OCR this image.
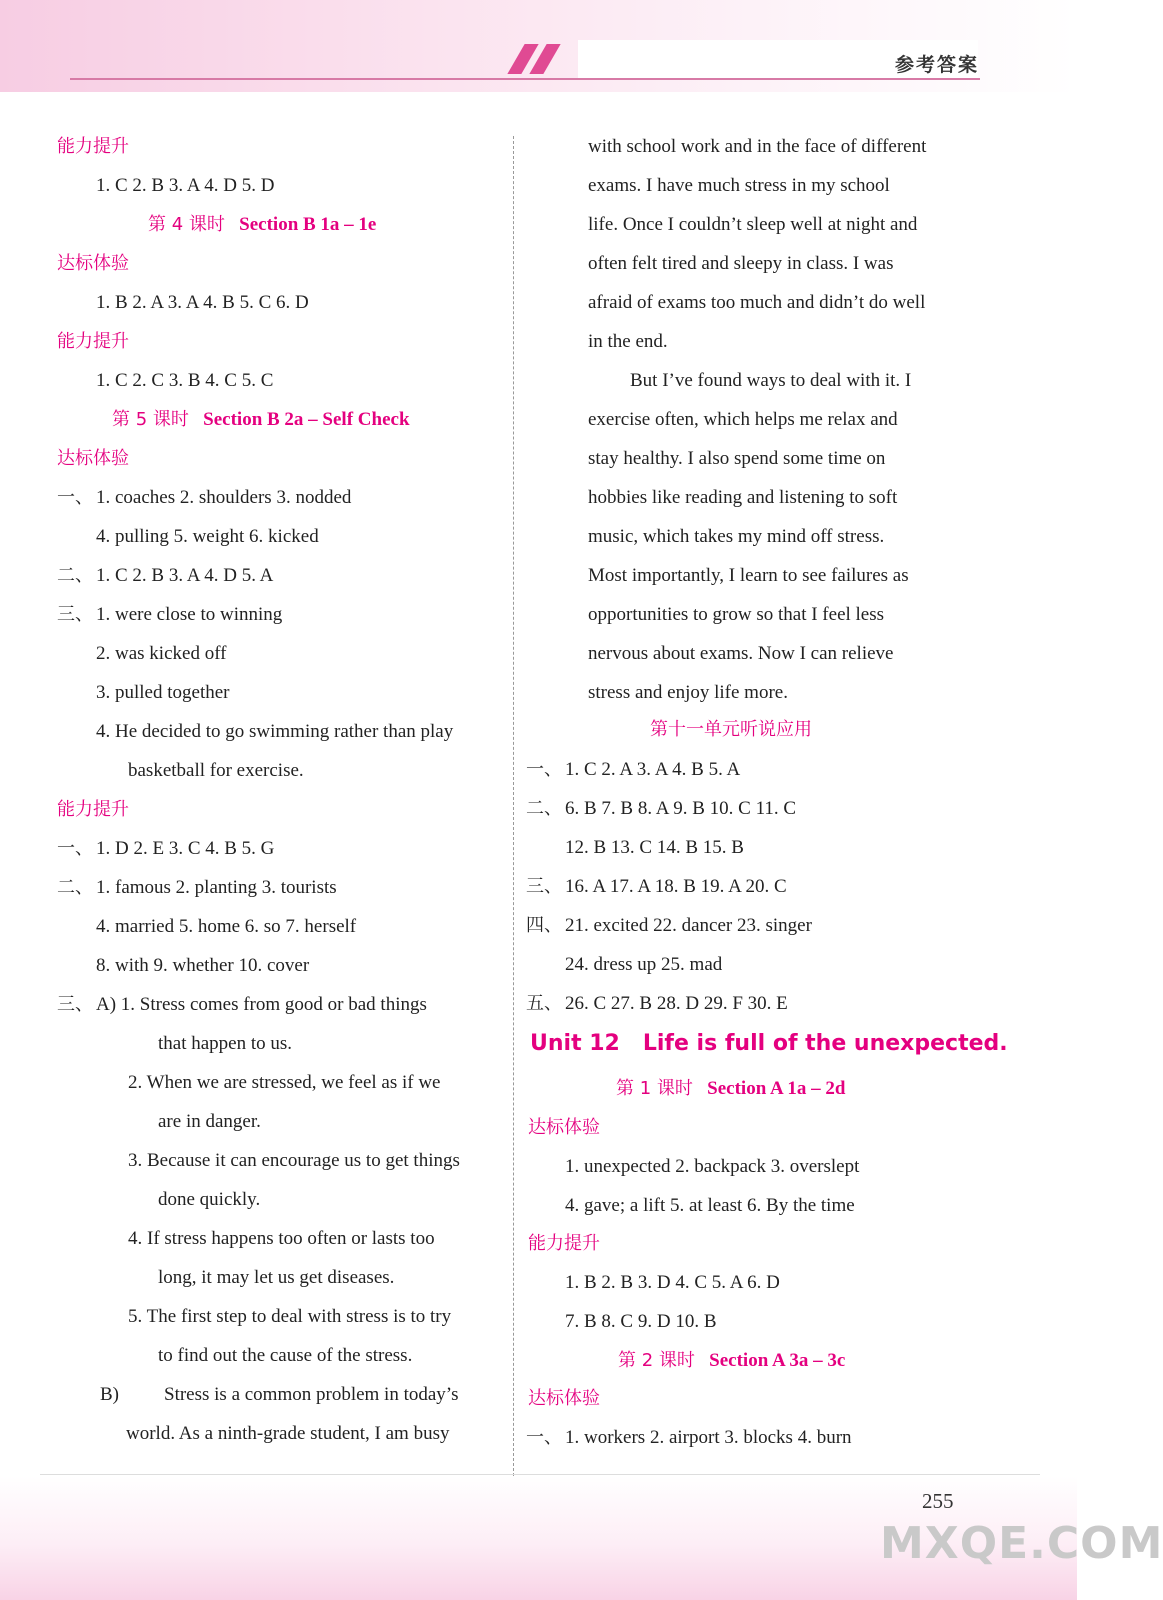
参考答案
能力提升
1. C 2. B 3. A 4. D 5. D
第 4 课时 Section B 1a – 1e
达标体验
1. B 2. A 3. A 4. B 5. C 6. D
能力提升
1. C 2. C 3. B 4. C 5. C
第 5 课时 Section B 2a – Self Check
达标体验
一、 1. coaches 2. shoulders 3. nodded
4. pulling 5. weight 6. kicked
二、 1. C 2. B 3. A 4. D 5. A
三、 1. were close to winning
2. was kicked off
3. pulled together
4. He decided to go swimming rather than play
basketball for exercise.
能力提升
一、 1. D 2. E 3. C 4. B 5. G
二、 1. famous 2. planting 3. tourists
4. married 5. home 6. so 7. herself
8. with 9. whether 10. cover
三、 A) 1. Stress comes from good or bad things
that happen to us.
2. When we are stressed, we feel as if we
are in danger.
3. Because it can encourage us to get things
done quickly.
4. If stress happens too often or lasts too
long, it may let us get diseases.
5. The first step to deal with stress is to try
to find out the cause of the stress.
B) Stress is a common problem in today’s
world. As a ninth-grade student, I am busy
with school work and in the face of different
exams. I have much stress in my school
life. Once I couldn’t sleep well at night and
often felt tired and sleepy in class. I was
afraid of exams too much and didn’t do well
in the end.
But I’ve found ways to deal with it. I
exercise often, which helps me relax and
stay healthy. I also spend some time on
hobbies like reading and listening to soft
music, which takes my mind off stress.
Most importantly, I learn to see failures as
opportunities to grow so that I feel less
nervous about exams. Now I can relieve
stress and enjoy life more.
第十一单元听说应用
一、 1. C 2. A 3. A 4. B 5. A
二、 6. B 7. B 8. A 9. B 10. C 11. C
12. B 13. C 14. B 15. B
三、 16. A 17. A 18. B 19. A 20. C
四、 21. excited 22. dancer 23. singer
24. dress up 25. mad
五、 26. C 27. B 28. D 29. F 30. E
Unit 12 Life is full of the unexpected.
第 1 课时 Section A 1a – 2d
达标体验
1. unexpected 2. backpack 3. overslept
4. gave; a lift 5. at least 6. By the time
能力提升
1. B 2. B 3. D 4. C 5. A 6. D
7. B 8. C 9. D 10. B
第 2 课时 Section A 3a – 3c
达标体验
一、 1. workers 2. airport 3. blocks 4. burn
255
MXQE.COM
